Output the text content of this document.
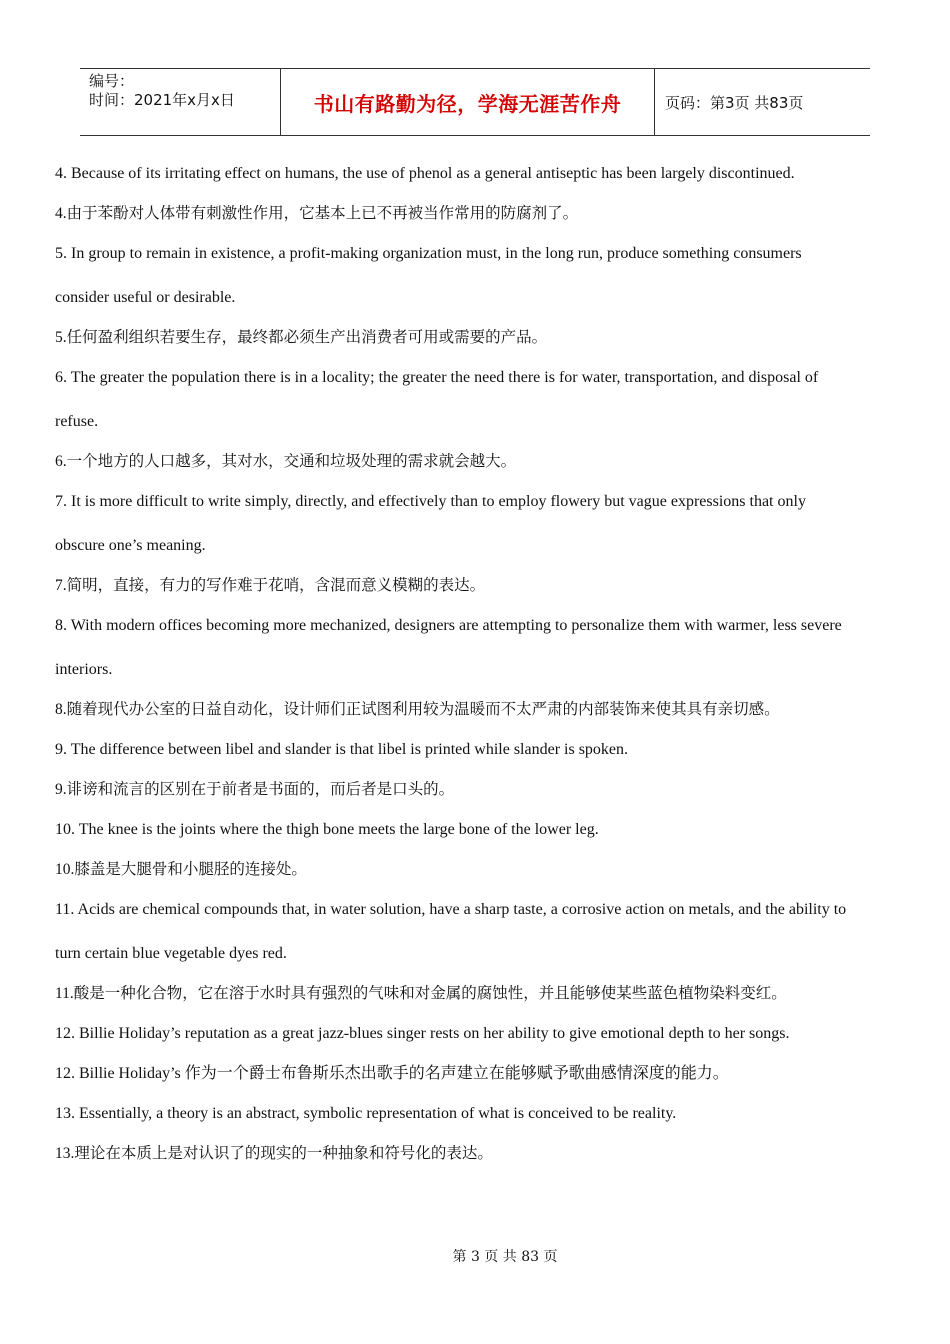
编号：
时间：2021年x月x日	书山有路勤为径，学海无涯苦作舟	页码：第3页 共83页
4. Because of its irritating effect on humans, the use of phenol as a general antiseptic has been largely discontinued.
4.由于苯酚对人体带有刺激性作用，它基本上已不再被当作常用的防腐剂了。
5. In group to remain in existence, a profit-making organization must, in the long run, produce something consumers
consider useful or desirable.
5.任何盈利组织若要生存，最终都必须生产出消费者可用或需要的产品。
6. The greater the population there is in a locality; the greater the need there is for water, transportation, and disposal of
refuse.
6.一个地方的人口越多，其对水，交通和垃圾处理的需求就会越大。
7. It is more difficult to write simply, directly, and effectively than to employ flowery but vague expressions that only
obscure one’s meaning.
7.简明，直接，有力的写作难于花哨，含混而意义模糊的表达。
8. With modern offices becoming more mechanized, designers are attempting to personalize them with warmer, less severe
interiors.
8.随着现代办公室的日益自动化，设计师们正试图利用较为温暖而不太严肃的内部装饰来使其具有亲切感。
9. The difference between libel and slander is that libel is printed while slander is spoken.
9.诽谤和流言的区别在于前者是书面的，而后者是口头的。
10. The knee is the joints where the thigh bone meets the large bone of the lower leg.
10.膝盖是大腿骨和小腿胫的连接处。
11. Acids are chemical compounds that, in water solution, have a sharp taste, a corrosive action on metals, and the ability to
turn certain blue vegetable dyes red.
11.酸是一种化合物，它在溶于水时具有强烈的气味和对金属的腐蚀性，并且能够使某些蓝色植物染料变红。
12. Billie Holiday’s reputation as a great jazz-blues singer rests on her ability to give emotional depth to her songs.
12. Billie Holiday’s 作为一个爵士布鲁斯乐杰出歌手的名声建立在能够赋予歌曲感情深度的能力。
13. Essentially, a theory is an abstract, symbolic representation of what is conceived to be reality.
13.理论在本质上是对认识了的现实的一种抽象和符号化的表达。
第 3 页 共 83 页
